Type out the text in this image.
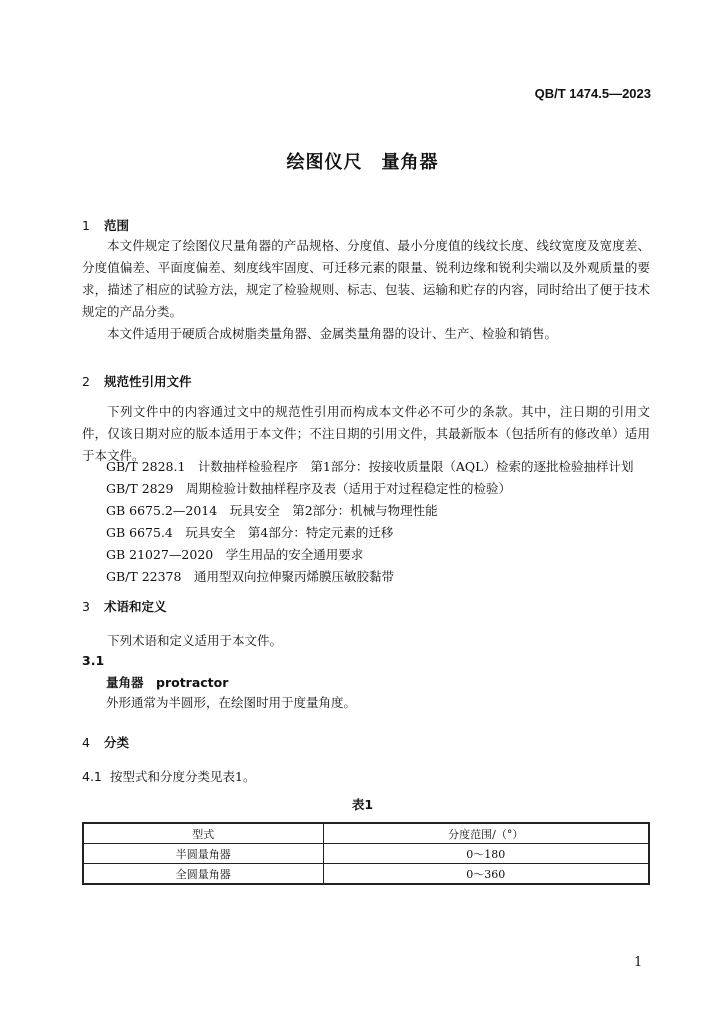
QB/T 1474.5—2023
绘图仪尺　量角器
1 范围

本文件规定了绘图仪尺量角器的产品规格、分度值、最小分度值的线纹长度、线纹宽度及宽度差、分度值偏差、平面度偏差、刻度线牢固度、可迁移元素的限量、锐利边缘和锐利尖端以及外观质量的要求，描述了相应的试验方法，规定了检验规则、标志、包装、运输和贮存的内容，同时给出了便于技术规定的产品分类。

本文件适用于硬质合成树脂类量角器、金属类量角器的设计、生产、检验和销售。

2 规范性引用文件

下列文件中的内容通过文中的规范性引用而构成本文件必不可少的条款。其中，注日期的引用文件，仅该日期对应的版本适用于本文件；不注日期的引用文件，其最新版本（包括所有的修改单）适用于本文件。

GB/T 2828.1　计数抽样检验程序　第1部分：按接收质量限（AQL）检索的逐批检验抽样计划
GB/T 2829　周期检验计数抽样程序及表（适用于对过程稳定性的检验）
GB 6675.2—2014　玩具安全　第2部分：机械与物理性能
GB 6675.4　玩具安全　第4部分：特定元素的迁移
GB 21027—2020　学生用品的安全通用要求
GB/T 22378　通用型双向拉伸聚丙烯膜压敏胶黏带
3 术语和定义

下列术语和定义适用于本文件。

3.1
量角器　protractor
外形通常为半圆形，在绘图时用于度量角度。
4 分类
4.1 按型式和分度分类见表1。
表1
型式	分度范围/（°）
半圆量角器	0～180
全圆量角器	0～360
1
